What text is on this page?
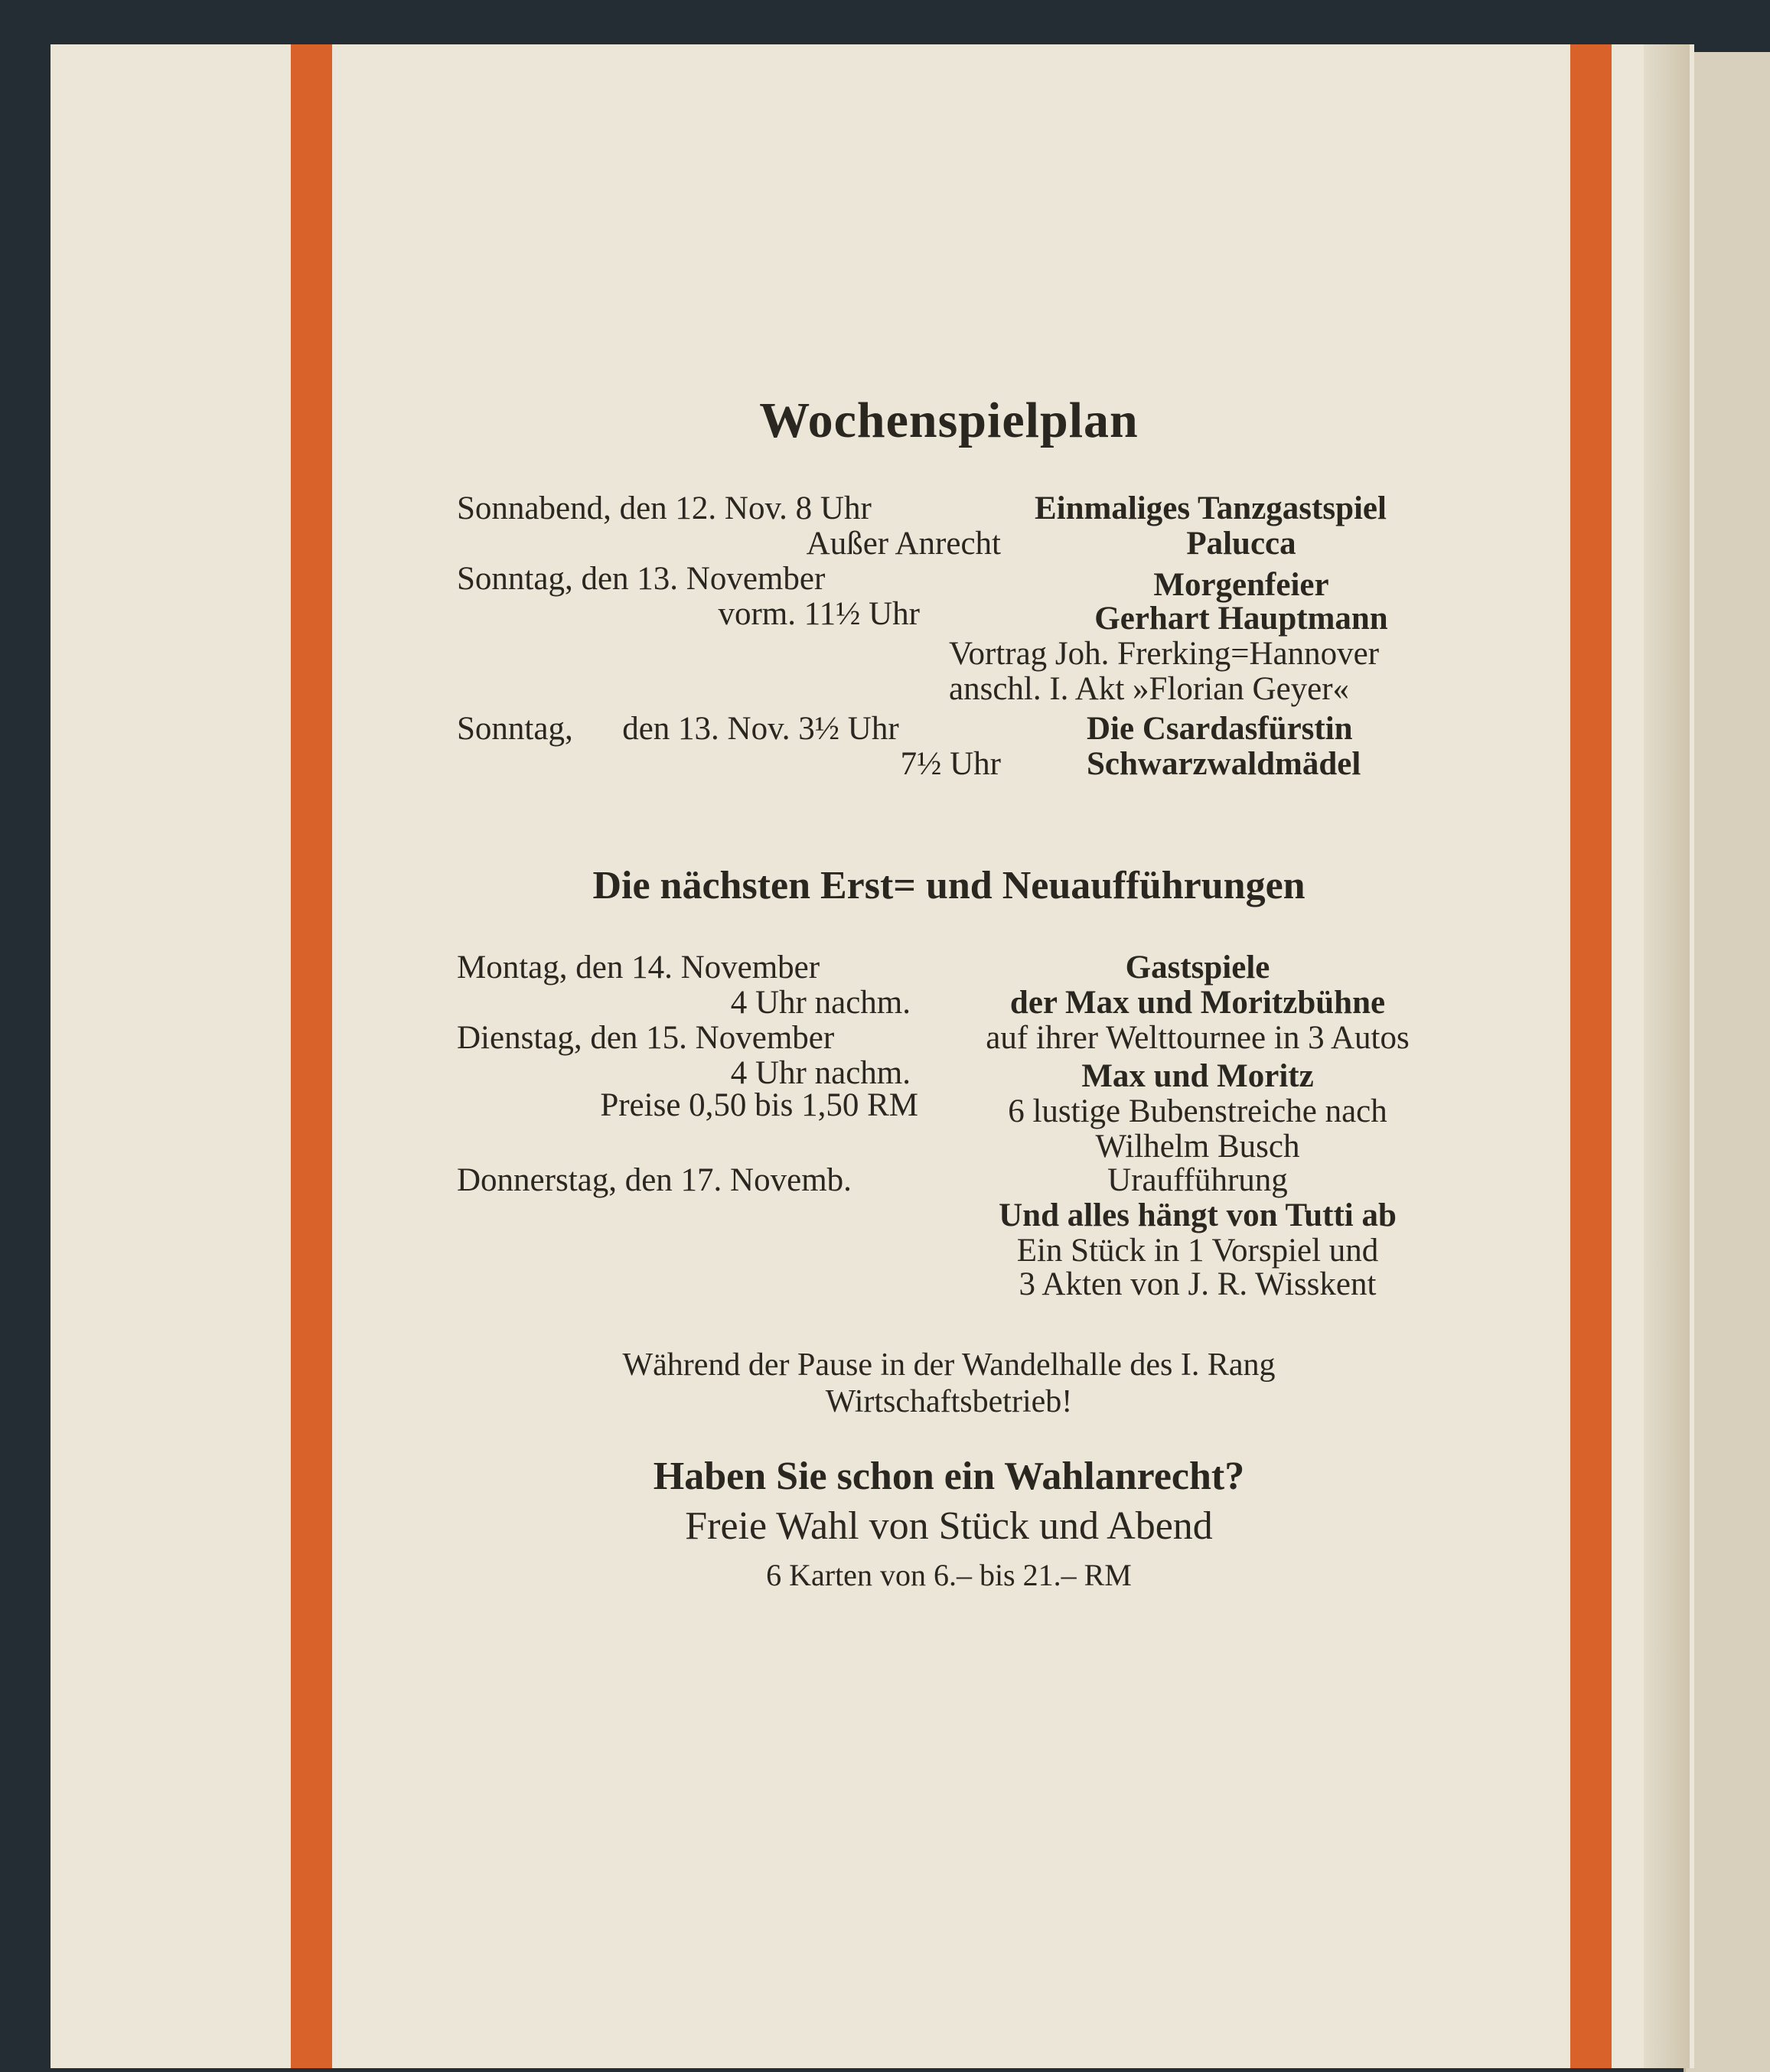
Wochenspielplan
Sonnabend, den 12. Nov. 8 Uhr	Einmaliges Tanzgastspiel
Außer Anrecht	Palucca
Sonntag, den 13. November	Morgenfeier
vorm. 11½ Uhr	Gerhart Hauptmann
Vortrag Joh. Frerking=Hannover
anschl. I. Akt »Florian Geyer«
Sonntag,      den 13. Nov. 3½ Uhr	Die Csardasfürstin
7½ Uhr	Schwarzwaldmädel
Die nächsten Erst= und Neuaufführungen
Montag, den 14. November	Gastspiele
4 Uhr nachm.	der Max und Moritzbühne
Dienstag, den 15. November	auf ihrer Welttournee in 3 Autos
4 Uhr nachm.	Max und Moritz
Preise 0,50 bis 1,50 RM	6 lustige Bubenstreiche nach
Wilhelm Busch
Donnerstag, den 17. Novemb.	Uraufführung
Und alles hängt von Tutti ab
Ein Stück in 1 Vorspiel und
3 Akten von J. R. Wisskent
Während der Pause in der Wandelhalle des I. Rang
Wirtschaftsbetrieb!
Haben Sie schon ein Wahlanrecht?
Freie Wahl von Stück und Abend
6 Karten von 6.– bis 21.– RM
